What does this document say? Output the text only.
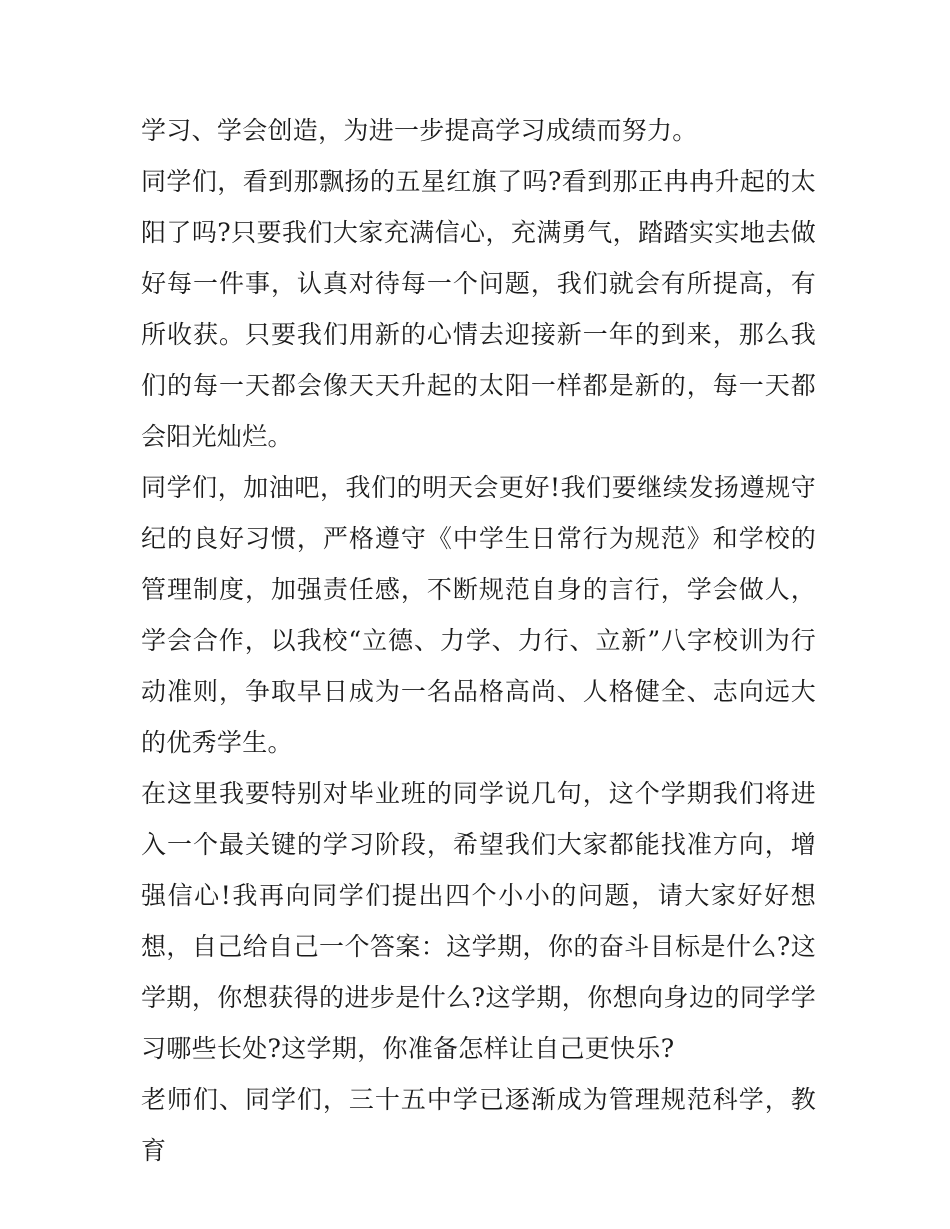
学习、学会创造，为进一步提高学习成绩而努力。

同学们，看到那飘扬的五星红旗了吗?看到那正冉冉升起的太阳了吗?只要我们大家充满信心，充满勇气，踏踏实实地去做好每一件事，认真对待每一个问题，我们就会有所提高，有所收获。只要我们用新的心情去迎接新一年的到来，那么我们的每一天都会像天天升起的太阳一样都是新的，每一天都会阳光灿烂。

同学们，加油吧，我们的明天会更好!我们要继续发扬遵规守纪的良好习惯，严格遵守《中学生日常行为规范》和学校的管理制度，加强责任感，不断规范自身的言行，学会做人，学会合作，以我校“立德、力学、力行、立新”八字校训为行动准则，争取早日成为一名品格高尚、人格健全、志向远大的优秀学生。

在这里我要特别对毕业班的同学说几句，这个学期我们将进入一个最关键的学习阶段，希望我们大家都能找准方向，增强信心!我再向同学们提出四个小小的问题，请大家好好想想，自己给自己一个答案：这学期，你的奋斗目标是什么?这学期，你想获得的进步是什么?这学期，你想向身边的同学学习哪些长处?这学期，你准备怎样让自己更快乐?

老师们、同学们，三十五中学已逐渐成为管理规范科学，教育
